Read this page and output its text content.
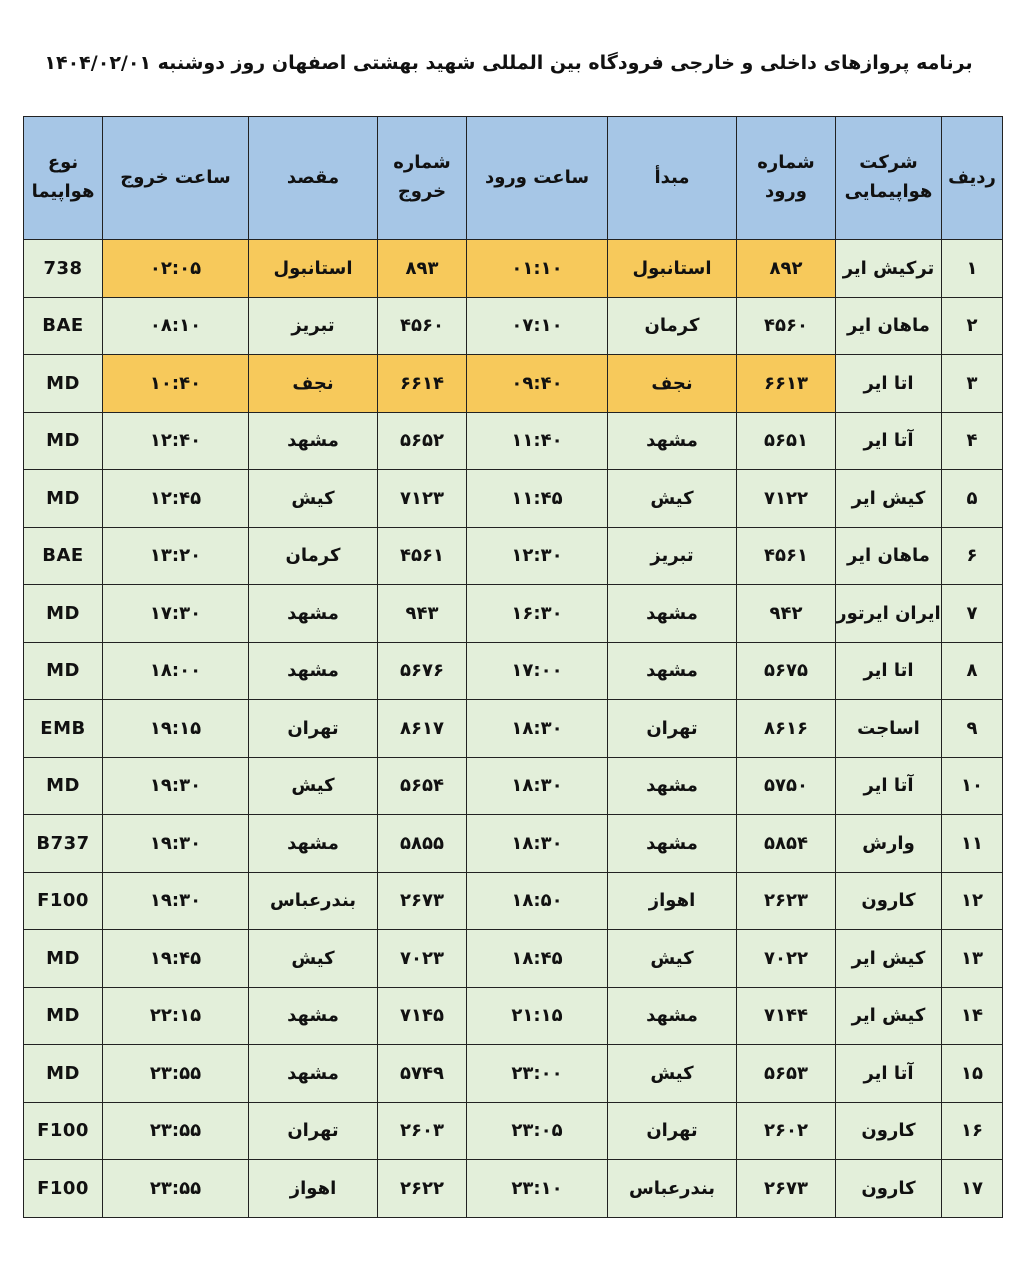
برنامه پروازهای داخلی و خارجی فرودگاه بین المللی شهید بهشتی اصفهان روز دوشنبه ۱۴۰۴/۰۲/۰۱
ردیف	شرکت هواپیمایی	شماره ورود	مبدأ	ساعت ورود	شماره خروج	مقصد	ساعت خروج	نوع هواپیما
۱	ترکیش ایر	۸۹۲	استانبول	۰۱:۱۰	۸۹۳	استانبول	۰۲:۰۵	738
۲	ماهان ایر	۴۵۶۰	کرمان	۰۷:۱۰	۴۵۶۰	تبریز	۰۸:۱۰	BAE
۳	اتا ایر	۶۶۱۳	نجف	۰۹:۴۰	۶۶۱۴	نجف	۱۰:۴۰	MD
۴	آتا ایر	۵۶۵۱	مشهد	۱۱:۴۰	۵۶۵۲	مشهد	۱۲:۴۰	MD
۵	کیش ایر	۷۱۲۲	کیش	۱۱:۴۵	۷۱۲۳	کیش	۱۲:۴۵	MD
۶	ماهان ایر	۴۵۶۱	تبریز	۱۲:۳۰	۴۵۶۱	کرمان	۱۳:۲۰	BAE
۷	ایران ایرتور	۹۴۲	مشهد	۱۶:۳۰	۹۴۳	مشهد	۱۷:۳۰	MD
۸	اتا ایر	۵۶۷۵	مشهد	۱۷:۰۰	۵۶۷۶	مشهد	۱۸:۰۰	MD
۹	اساجت	۸۶۱۶	تهران	۱۸:۳۰	۸۶۱۷	تهران	۱۹:۱۵	EMB
۱۰	آتا ایر	۵۷۵۰	مشهد	۱۸:۳۰	۵۶۵۴	کیش	۱۹:۳۰	MD
۱۱	وارش	۵۸۵۴	مشهد	۱۸:۳۰	۵۸۵۵	مشهد	۱۹:۳۰	B737
۱۲	کارون	۲۶۲۳	اهواز	۱۸:۵۰	۲۶۷۳	بندرعباس	۱۹:۳۰	F100
۱۳	کیش ایر	۷۰۲۲	کیش	۱۸:۴۵	۷۰۲۳	کیش	۱۹:۴۵	MD
۱۴	کیش ایر	۷۱۴۴	مشهد	۲۱:۱۵	۷۱۴۵	مشهد	۲۲:۱۵	MD
۱۵	آتا ایر	۵۶۵۳	کیش	۲۳:۰۰	۵۷۴۹	مشهد	۲۳:۵۵	MD
۱۶	کارون	۲۶۰۲	تهران	۲۳:۰۵	۲۶۰۳	تهران	۲۳:۵۵	F100
۱۷	کارون	۲۶۷۳	بندرعباس	۲۳:۱۰	۲۶۲۲	اهواز	۲۳:۵۵	F100
